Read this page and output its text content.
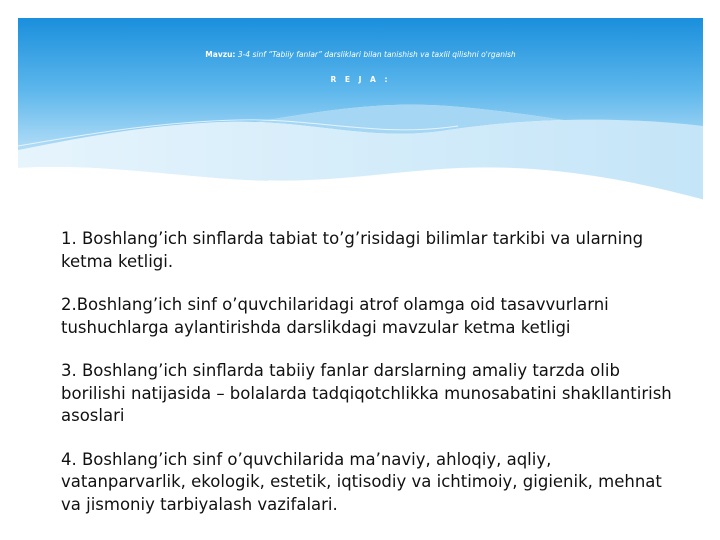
Mavzu: 3-4 sinf “Tabiiy fanlar” darsliklari bilan tanishish va taxlil qilishni o'rganish
R E J A :

1. Boshlang’ich sinflarda tabiat to’g’risidagi bilimlar tarkibi va ularning ketma ketligi.

2.Boshlang’ich sinf o’quvchilaridagi atrof olamga oid tasavvurlarni tushuchlarga aylantirishda darslikdagi mavzular ketma ketligi

3. Boshlang’ich sinflarda tabiiy fanlar darslarning amaliy tarzda olib borilishi natijasida – bolalarda tadqiqotchlikka munosabatini shakllantirish asoslari

4. Boshlang’ich sinf o’quvchilarida ma’naviy, ahloqiy, aqliy, vatanparvarlik, ekologik, estetik, iqtisodiy va ichtimoiy, gigienik, mehnat va jismoniy tarbiyalash vazifalari.
